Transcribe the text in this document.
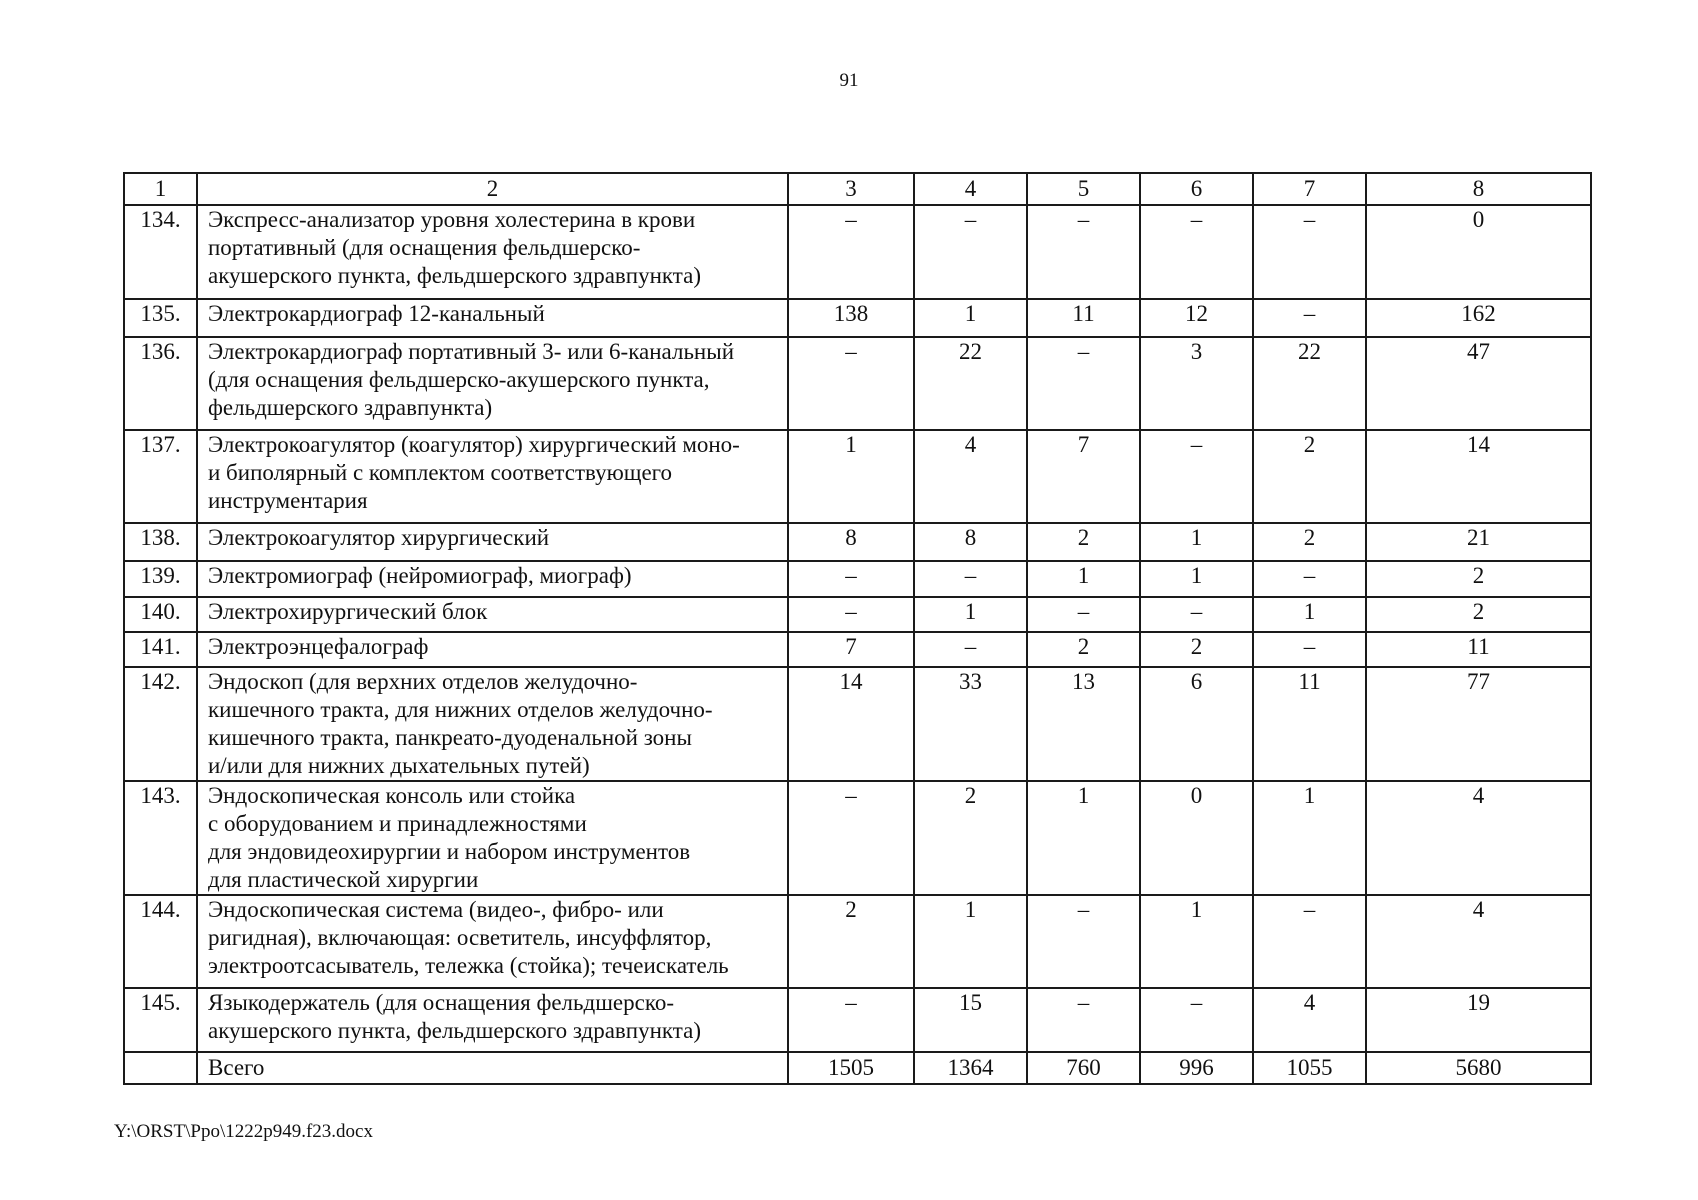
91
1	2	3	4	5	6	7	8
134.	Экспресс-анализатор уровня холестерина в крови
портативный (для оснащения фельдшерско-
акушерского пункта, фельдшерского здравпункта)	–	–	–	–	–	0
135.	Электрокардиограф 12-канальный	138	1	11	12	–	162
136.	Электрокардиограф портативный 3- или 6-канальный
(для оснащения фельдшерско-акушерского пункта,
фельдшерского здравпункта)	–	22	–	3	22	47
137.	Электрокоагулятор (коагулятор) хирургический моно-
и биполярный с комплектом соответствующего
инструментария	1	4	7	–	2	14
138.	Электрокоагулятор хирургический	8	8	2	1	2	21
139.	Электромиограф (нейромиограф, миограф)	–	–	1	1	–	2
140.	Электрохирургический блок	–	1	–	–	1	2
141.	Электроэнцефалограф	7	–	2	2	–	11
142.	Эндоскоп (для верхних отделов желудочно-
кишечного тракта, для нижних отделов желудочно-
кишечного тракта, панкреато-дуоденальной зоны
и/или для нижних дыхательных путей)	14	33	13	6	11	77
143.	Эндоскопическая консоль или стойка
с оборудованием и принадлежностями
для эндовидеохирургии и набором инструментов
для пластической хирургии	–	2	1	0	1	4
144.	Эндоскопическая система (видео-, фибро- или
ригидная), включающая: осветитель, инсуффлятор,
электроотсасыватель, тележка (стойка); течеискатель	2	1	–	1	–	4
145.	Языкодержатель (для оснащения фельдшерско-
акушерского пункта, фельдшерского здравпункта)	–	15	–	–	4	19
	Всего	1505	1364	760	996	1055	5680
Y:\ORST\Ppo\1222p949.f23.docx
